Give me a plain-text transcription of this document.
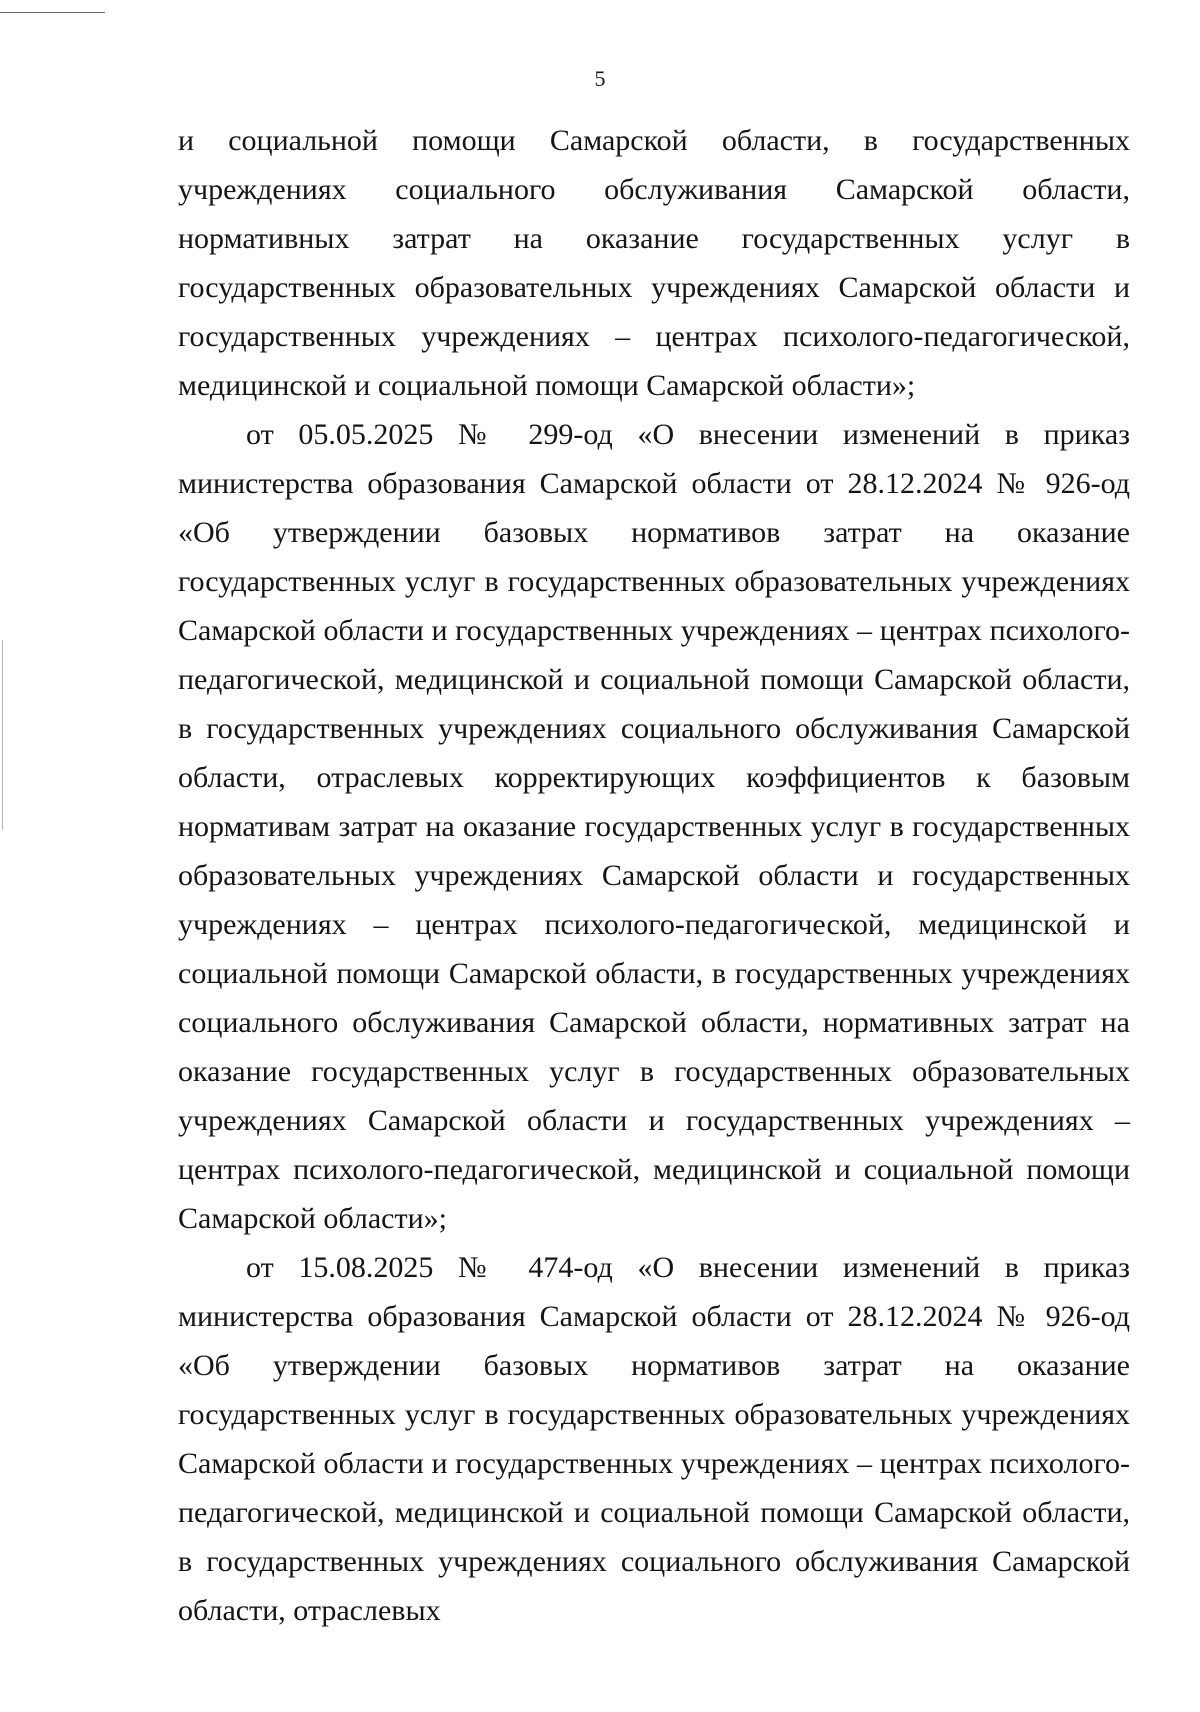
5

и социальной помощи Самарской области, в государственных учреждениях социального обслуживания Самарской области, нормативных затрат на оказание государственных услуг в государственных образовательных учреждениях Самарской области и государственных учреждениях – центрах психолого-педагогической, медицинской и социальной помощи Самарской области»;

от 05.05.2025 № 299-од «О внесении изменений в приказ министерства образования Самарской области от 28.12.2024 № 926-од «Об утверждении базовых нормативов затрат на оказание государственных услуг в государственных образовательных учреждениях Самарской области и государственных учреждениях – центрах психолого-педагогической, медицинской и социальной помощи Самарской области, в государственных учреждениях социального обслуживания Самарской области, отраслевых корректирующих коэффициентов к базовым нормативам затрат на оказание государственных услуг в государственных образовательных учреждениях Самарской области и государственных учреждениях – центрах психолого-педагогической, медицинской и социальной помощи Самарской области, в государственных учреждениях социального обслуживания Самарской области, нормативных затрат на оказание государственных услуг в государственных образовательных учреждениях Самарской области и государственных учреждениях – центрах психолого-педагогической, медицинской и социальной помощи Самарской области»;

от 15.08.2025 № 474-од «О внесении изменений в приказ министерства образования Самарской области от 28.12.2024 № 926-од «Об утверждении базовых нормативов затрат на оказание государственных услуг в государственных образовательных учреждениях Самарской области и государственных учреждениях – центрах психолого-педагогической, медицинской и социальной помощи Самарской области, в государственных учреждениях социального обслуживания Самарской области, отраслевых
